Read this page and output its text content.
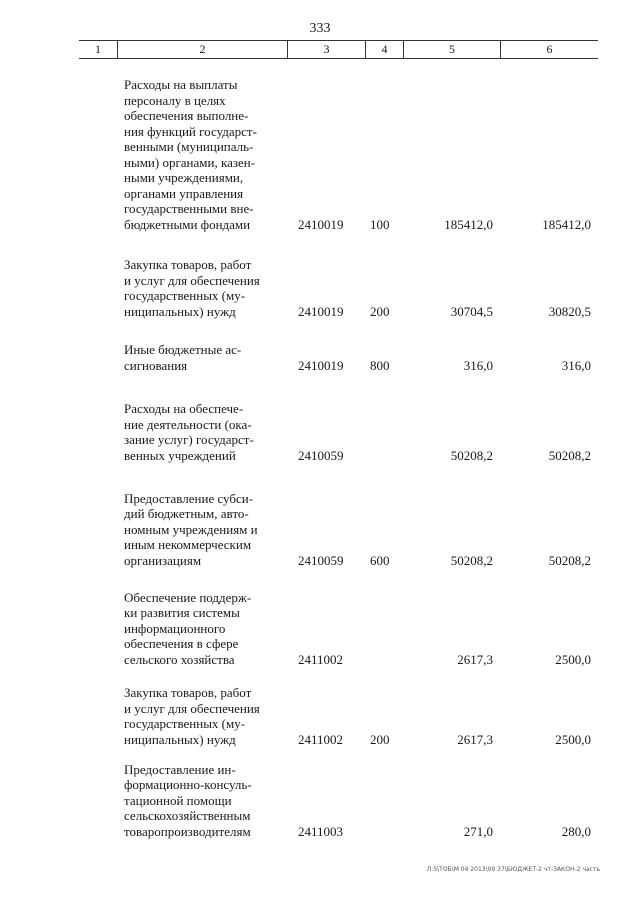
333
1	2	3	4	5	6
Расходы на выплаты
персоналу в целях
обеспечения выполне-
ния функций государст-
венными (муниципаль-
ными) органами, казен-
ными учреждениями,
органами управления
государственными вне-
бюджетными фондами	2410019 100	185412,0	185412,0
Закупка товаров, работ
и услуг для обеспечения
государственных (му-
ниципальных) нужд	2410019 200	30704,5	30820,5
Иные бюджетные ас-
сигнования	2410019 800	316,0	316,0
Расходы на обеспече-
ние деятельности (ока-
зание услуг) государст-
венных учреждений	2410059	50208,2	50208,2
Предоставление субси-
дий бюджетным, авто-
номным учреждениям и
иным некоммерческим
организациям	2410059 600	50208,2	50208,2
Обеспечение поддерж-
ки развития системы
информационного
обеспечения в сфере
сельского хозяйства	2411002	2617,3	2500,0
Закупка товаров, работ
и услуг для обеспечения
государственных (му-
ниципальных) нужд	2411002 200	2617,3	2500,0
Предоставление ин-
формационно-консуль-
тационной помощи
сельскохозяйственным
товаропроизводителям	2411003	271,0	280,0
Л:5\ТОБ\М 04 2013\09 37\БЮДЖЕТ-2 чт-ЗАКОН-2 часть
